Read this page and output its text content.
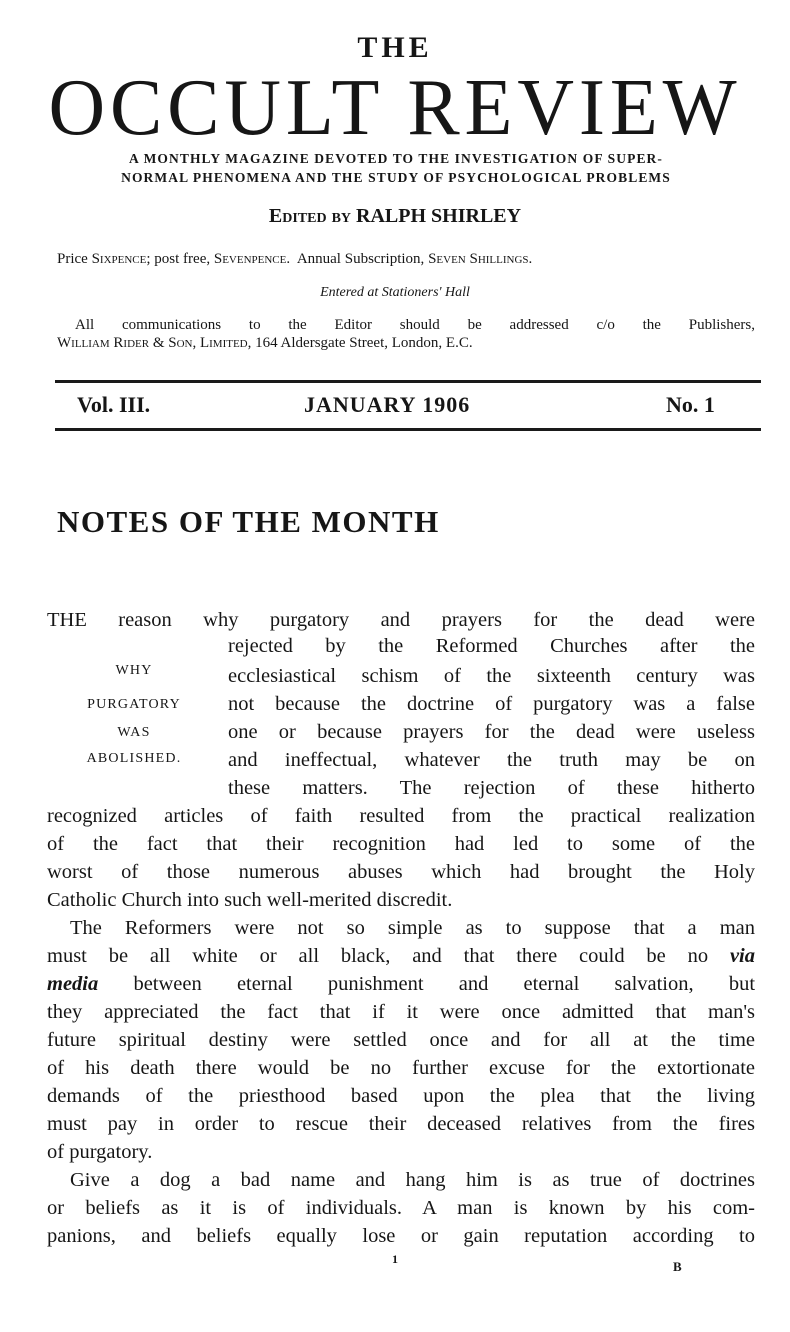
THE
OCCULT REVIEW
A MONTHLY MAGAZINE DEVOTED TO THE INVESTIGATION OF SUPER-
NORMAL PHENOMENA AND THE STUDY OF PSYCHOLOGICAL PROBLEMS
Edited by RALPH SHIRLEY
Price Sixpence; post free, Sevenpence. Annual Subscription, Seven Shillings.
Entered at Stationers' Hall
All communications to the Editor should be addressed c/o the Publishers,
William Rider & Son, Limited, 164 Aldersgate Street, London, E.C.
Vol. III.	JANUARY 1906	No. 1
NOTES OF THE MONTH
THE reason why purgatory and prayers for the dead were
WHY
PURGATORY
WAS
ABOLISHED.
rejected by the Reformed Churches after the
ecclesiastical schism of the sixteenth century was
not because the doctrine of purgatory was a false
one or because prayers for the dead were useless
and ineffectual, whatever the truth may be on
these matters. The rejection of these hitherto
recognized articles of faith resulted from the practical realization
of the fact that their recognition had led to some of the
worst of those numerous abuses which had brought the Holy
Catholic Church into such well-merited discredit.
The Reformers were not so simple as to suppose that a man
must be all white or all black, and that there could be no via
media between eternal punishment and eternal salvation, but
they appreciated the fact that if it were once admitted that man's
future spiritual destiny were settled once and for all at the time
of his death there would be no further excuse for the extortionate
demands of the priesthood based upon the plea that the living
must pay in order to rescue their deceased relatives from the fires
of purgatory.
Give a dog a bad name and hang him is as true of doctrines
or beliefs as it is of individuals. A man is known by his com-
panions, and beliefs equally lose or gain reputation according to
1	B
